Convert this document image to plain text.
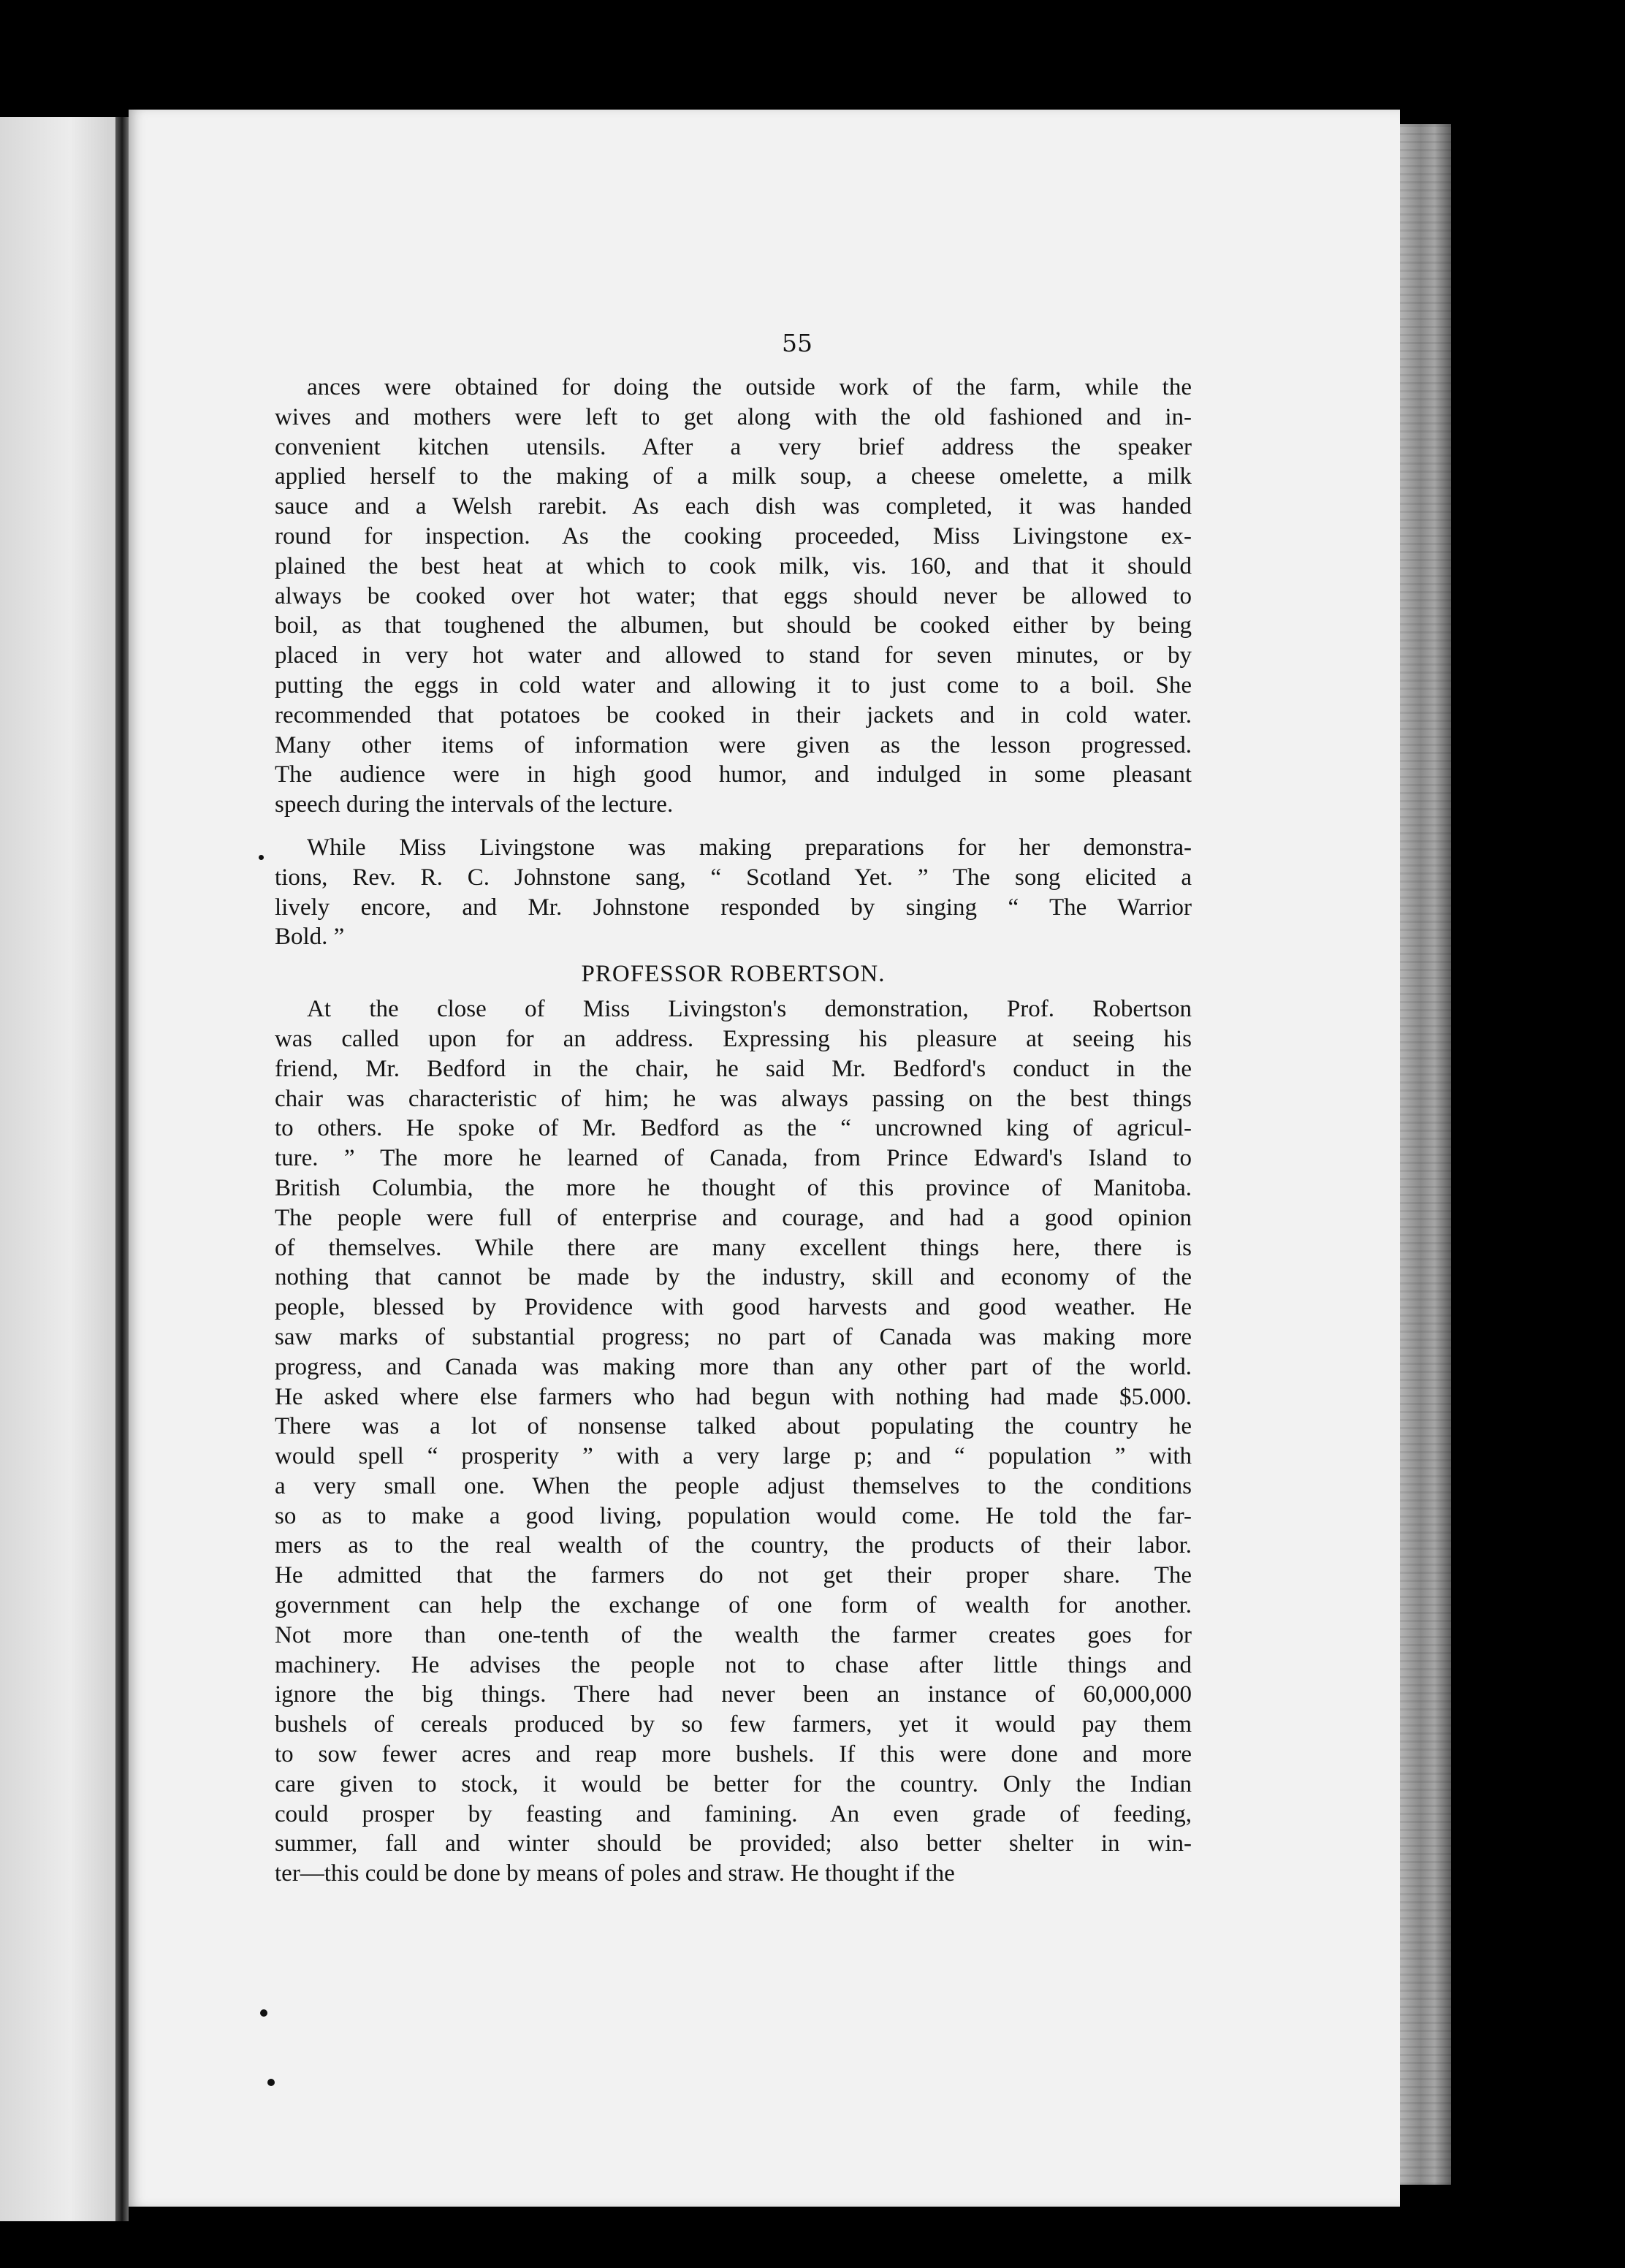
55
ances were obtained for doing the outside work of the farm, while the
wives and mothers were left to get along with the old fashioned and in-
convenient kitchen utensils. After a very brief address the speaker
applied herself to the making of a milk soup, a cheese omelette, a milk
sauce and a Welsh rarebit. As each dish was completed, it was handed
round for inspection. As the cooking proceeded, Miss Livingstone ex-
plained the best heat at which to cook milk, vis. 160, and that it should
always be cooked over hot water; that eggs should never be allowed to
boil, as that toughened the albumen, but should be cooked either by being
placed in very hot water and allowed to stand for seven minutes, or by
putting the eggs in cold water and allowing it to just come to a boil. She
recommended that potatoes be cooked in their jackets and in cold water.
Many other items of information were given as the lesson progressed.
The audience were in high good humor, and indulged in some pleasant
speech during the intervals of the lecture.
While Miss Livingstone was making preparations for her demonstra-
tions, Rev. R. C. Johnstone sang, “ Scotland Yet. ” The song elicited a
lively encore, and Mr. Johnstone responded by singing “ The Warrior
Bold. ”
PROFESSOR ROBERTSON.
At the close of Miss Livingston's demonstration, Prof. Robertson
was called upon for an address. Expressing his pleasure at seeing his
friend, Mr. Bedford in the chair, he said Mr. Bedford's conduct in the
chair was characteristic of him; he was always passing on the best things
to others. He spoke of Mr. Bedford as the “ uncrowned king of agricul-
ture. ” The more he learned of Canada, from Prince Edward's Island to
British Columbia, the more he thought of this province of Manitoba.
The people were full of enterprise and courage, and had a good opinion
of themselves. While there are many excellent things here, there is
nothing that cannot be made by the industry, skill and economy of the
people, blessed by Providence with good harvests and good weather. He
saw marks of substantial progress; no part of Canada was making more
progress, and Canada was making more than any other part of the world.
He asked where else farmers who had begun with nothing had made $5.000.
There was a lot of nonsense talked about populating the country he
would spell “ prosperity ” with a very large p; and “ population ” with
a very small one. When the people adjust themselves to the conditions
so as to make a good living, population would come. He told the far-
mers as to the real wealth of the country, the products of their labor.
He admitted that the farmers do not get their proper share. The
government can help the exchange of one form of wealth for another.
Not more than one-tenth of the wealth the farmer creates goes for
machinery. He advises the people not to chase after little things and
ignore the big things. There had never been an instance of 60,000,000
bushels of cereals produced by so few farmers, yet it would pay them
to sow fewer acres and reap more bushels. If this were done and more
care given to stock, it would be better for the country. Only the Indian
could prosper by feasting and famining. An even grade of feeding,
summer, fall and winter should be provided; also better shelter in win-
ter—this could be done by means of poles and straw. He thought if the
